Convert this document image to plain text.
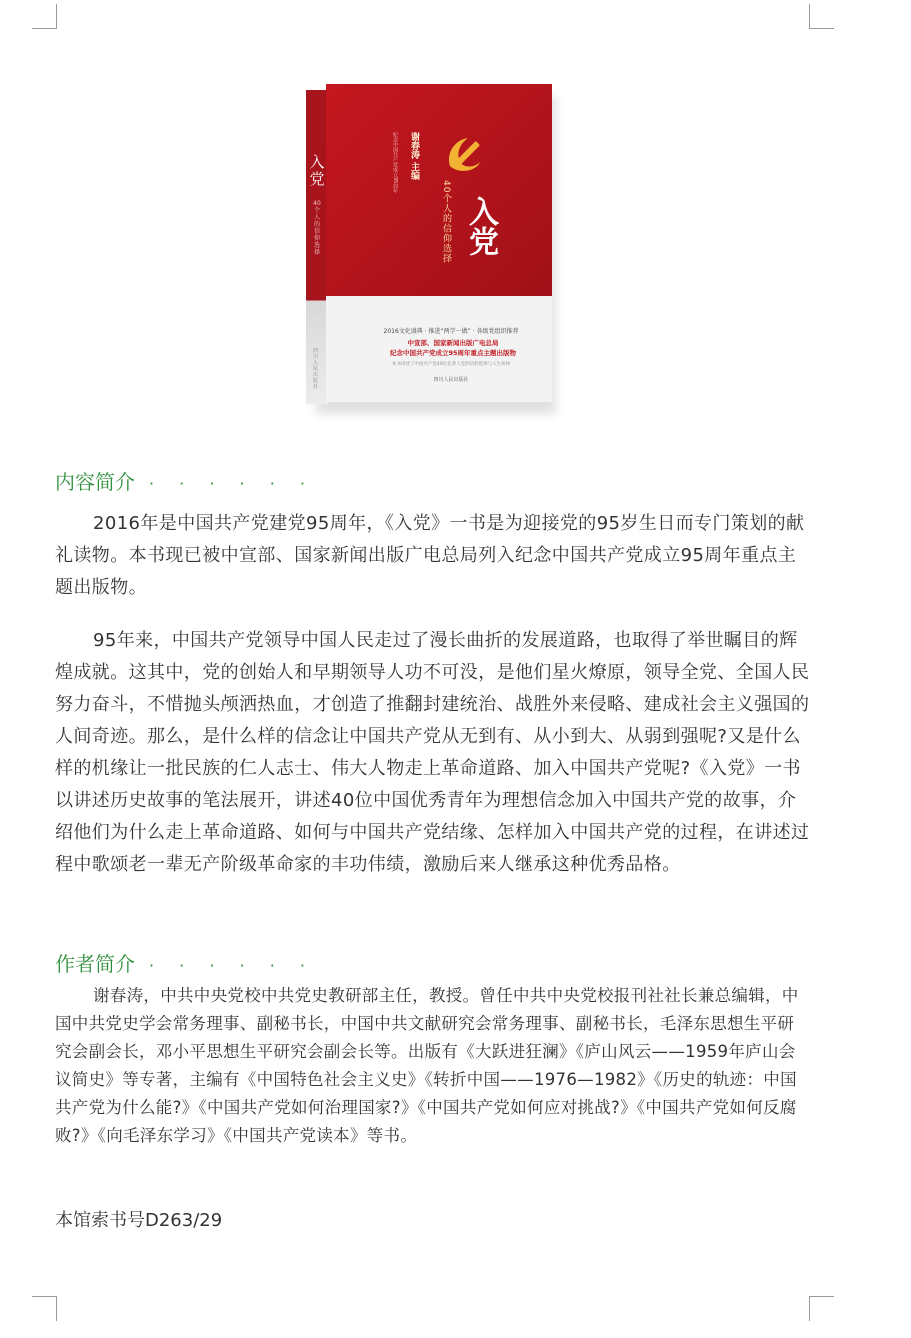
入党
40个人的信仰选择
四川人民出版社
谢春涛 主编
纪念中国共产党成立95周年
40个人的信仰选择 入党
2016文化盛典 · 推进“两学一做” · 各级党组织推荐
中宣部、国家新闻出版广电总局
纪念中国共产党成立95周年重点主题出版物
本书讲述了中国共产党40位先辈人党的信仰选择与人生抉择
四川人民出版社
内容简介 · · · · · ·

2016年是中国共产党建党95周年，《入党》一书是为迎接党的95岁生日而专门策划的献礼读物。本书现已被中宣部、国家新闻出版广电总局列入纪念中国共产党成立95周年重点主题出版物。

95年来，中国共产党领导中国人民走过了漫长曲折的发展道路，也取得了举世瞩目的辉煌成就。这其中，党的创始人和早期领导人功不可没，是他们星火燎原，领导全党、全国人民努力奋斗，不惜抛头颅洒热血，才创造了推翻封建统治、战胜外来侵略、建成社会主义强国的人间奇迹。那么，是什么样的信念让中国共产党从无到有、从小到大、从弱到强呢?又是什么样的机缘让一批民族的仁人志士、伟大人物走上革命道路、加入中国共产党呢?《入党》一书以讲述历史故事的笔法展开，讲述40位中国优秀青年为理想信念加入中国共产党的故事，介绍他们为什么走上革命道路、如何与中国共产党结缘、怎样加入中国共产党的过程，在讲述过程中歌颂老一辈无产阶级革命家的丰功伟绩，激励后来人继承这种优秀品格。

作者简介 · · · · · ·

谢春涛，中共中央党校中共党史教研部主任，教授。曾任中共中央党校报刊社社长兼总编辑，中国中共党史学会常务理事、副秘书长，中国中共文献研究会常务理事、副秘书长，毛泽东思想生平研究会副会长，邓小平思想生平研究会副会长等。出版有《大跃进狂澜》《庐山风云——1959年庐山会议简史》等专著，主编有《中国特色社会主义史》《转折中国——1976—1982》《历史的轨迹：中国共产党为什么能?》《中国共产党如何治理国家?》《中国共产党如何应对挑战?》《中国共产党如何反腐败?》《向毛泽东学习》《中国共产党读本》等书。

本馆索书号D263/29
